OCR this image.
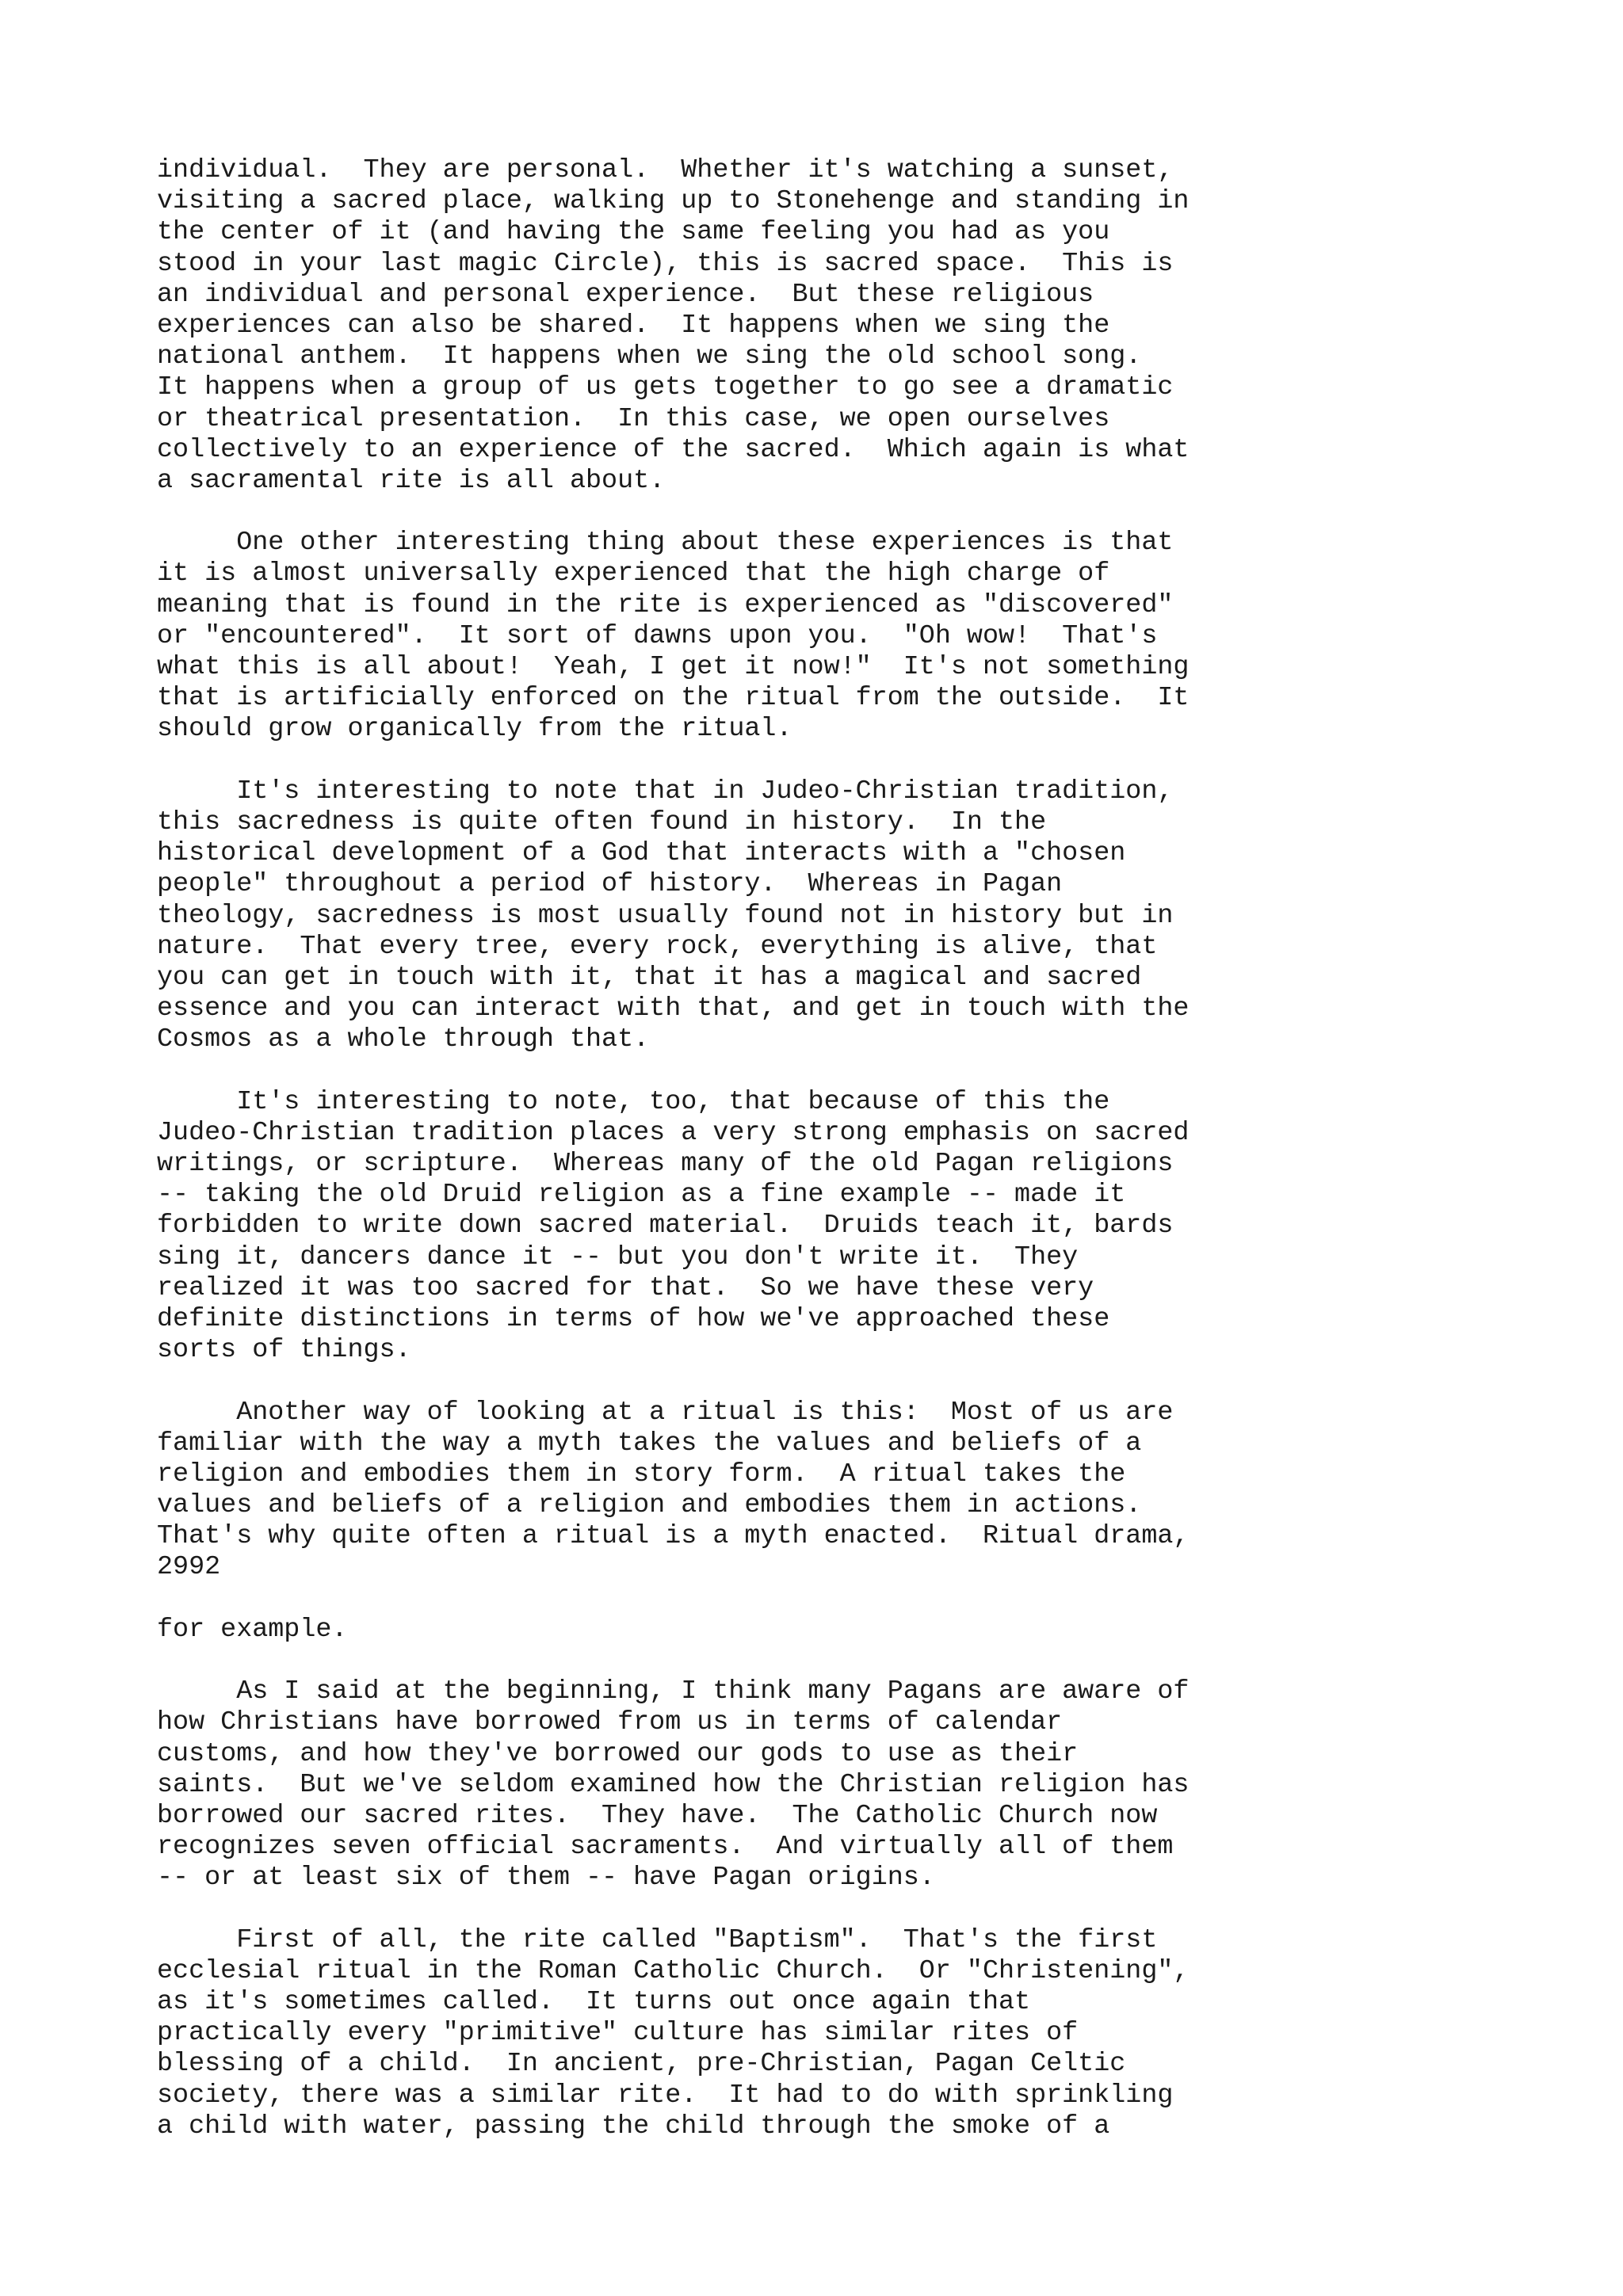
individual.  They are personal.  Whether it's watching a sunset,
visiting a sacred place, walking up to Stonehenge and standing in
the center of it (and having the same feeling you had as you
stood in your last magic Circle), this is sacred space.  This is
an individual and personal experience.  But these religious
experiences can also be shared.  It happens when we sing the
national anthem.  It happens when we sing the old school song.
It happens when a group of us gets together to go see a dramatic
or theatrical presentation.  In this case, we open ourselves
collectively to an experience of the sacred.  Which again is what
a sacramental rite is all about.
One other interesting thing about these experiences is that
it is almost universally experienced that the high charge of
meaning that is found in the rite is experienced as "discovered"
or "encountered".  It sort of dawns upon you.  "Oh wow!  That's
what this is all about!  Yeah, I get it now!"  It's not something
that is artificially enforced on the ritual from the outside.  It
should grow organically from the ritual.
It's interesting to note that in Judeo-Christian tradition,
this sacredness is quite often found in history.  In the
historical development of a God that interacts with a "chosen
people" throughout a period of history.  Whereas in Pagan
theology, sacredness is most usually found not in history but in
nature.  That every tree, every rock, everything is alive, that
you can get in touch with it, that it has a magical and sacred
essence and you can interact with that, and get in touch with the
Cosmos as a whole through that.
It's interesting to note, too, that because of this the
Judeo-Christian tradition places a very strong emphasis on sacred
writings, or scripture.  Whereas many of the old Pagan religions
-- taking the old Druid religion as a fine example -- made it
forbidden to write down sacred material.  Druids teach it, bards
sing it, dancers dance it -- but you don't write it.  They
realized it was too sacred for that.  So we have these very
definite distinctions in terms of how we've approached these
sorts of things.
Another way of looking at a ritual is this:  Most of us are
familiar with the way a myth takes the values and beliefs of a
religion and embodies them in story form.  A ritual takes the
values and beliefs of a religion and embodies them in actions.
That's why quite often a ritual is a myth enacted.  Ritual drama,
2992
for example.
As I said at the beginning, I think many Pagans are aware of
how Christians have borrowed from us in terms of calendar
customs, and how they've borrowed our gods to use as their
saints.  But we've seldom examined how the Christian religion has
borrowed our sacred rites.  They have.  The Catholic Church now
recognizes seven official sacraments.  And virtually all of them
-- or at least six of them -- have Pagan origins.
First of all, the rite called "Baptism".  That's the first
ecclesial ritual in the Roman Catholic Church.  Or "Christening",
as it's sometimes called.  It turns out once again that
practically every "primitive" culture has similar rites of
blessing of a child.  In ancient, pre-Christian, Pagan Celtic
society, there was a similar rite.  It had to do with sprinkling
a child with water, passing the child through the smoke of a
